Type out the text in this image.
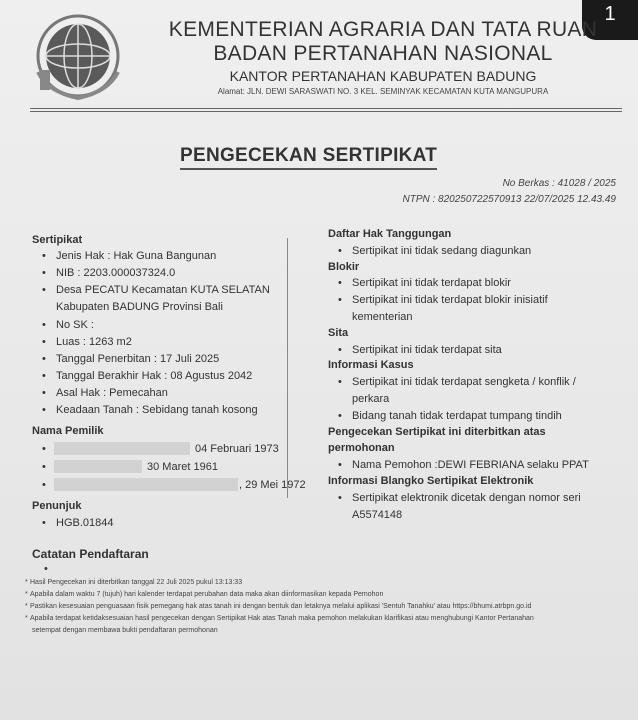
1
KEMENTERIAN AGRARIA DAN TATA RUAN
BADAN PERTANAHAN NASIONAL
KANTOR PERTANAHAN KABUPATEN BADUNG
Alamat: JLN. DEWI SARASWATI NO. 3 KEL. SEMINYAK KECAMATAN KUTA MANGUPURA
PENGECEKAN SERTIPIKAT
No Berkas : 41028 / 2025
NTPN : 820250722570913 22/07/2025 12.43.49
Sertipikat
• Jenis Hak : Hak Guna Bangunan
• NIB : 2203.000037324.0
• Desa PECATU Kecamatan KUTA SELATAN
Kabupaten BADUNG Provinsi Bali
• No SK :
• Luas : 1263 m2
• Tanggal Penerbitan : 17 Juli 2025
• Tanggal Berakhir Hak : 08 Agustus 2042
• Asal Hak : Pemecahan
• Keadaan Tanah : Sebidang tanah kosong
Nama Pemilik
04 Februari 1973
30 Maret 1961
, 29 Mei 1972
Penunjuk
• HGB.01844
Daftar Hak Tanggungan
• Sertipikat ini tidak sedang diagunkan
Blokir
• Sertipikat ini tidak terdapat blokir
• Sertipikat ini tidak terdapat blokir inisiatif
kementerian
Sita
• Sertipikat ini tidak terdapat sita
Informasi Kasus
• Sertipikat ini tidak terdapat sengketa / konflik /
perkara
• Bidang tanah tidak terdapat tumpang tindih
Pengecekan Sertipikat ini diterbitkan atas
permohonan
• Nama Pemohon :DEWI FEBRIANA selaku PPAT
Informasi Blangko Sertipikat Elektronik
• Sertipikat elektronik dicetak dengan nomor seri
A5574148
Catatan Pendaftaran
•
* Hasil Pengecekan ini diterbitkan tanggal 22 Juli 2025 pukul 13:13:33
* Apabila dalam waktu 7 (tujuh) hari kalender terdapat perubahan data maka akan diinformasikan kepada Pemohon
* Pastikan kesesuaian penguasaan fisik pemegang hak atas tanah ini dengan bentuk dan letaknya melalui aplikasi 'Sentuh Tanahku' atau https://bhumi.atrbpn.go.id
* Apabila terdapat ketidaksesuaian hasil pengecekan dengan Sertipikat Hak atas Tanah maka pemohon melakukan klarifikasi atau menghubungi Kantor Pertanahan
setempat dengan membawa bukti pendaftaran permohonan
